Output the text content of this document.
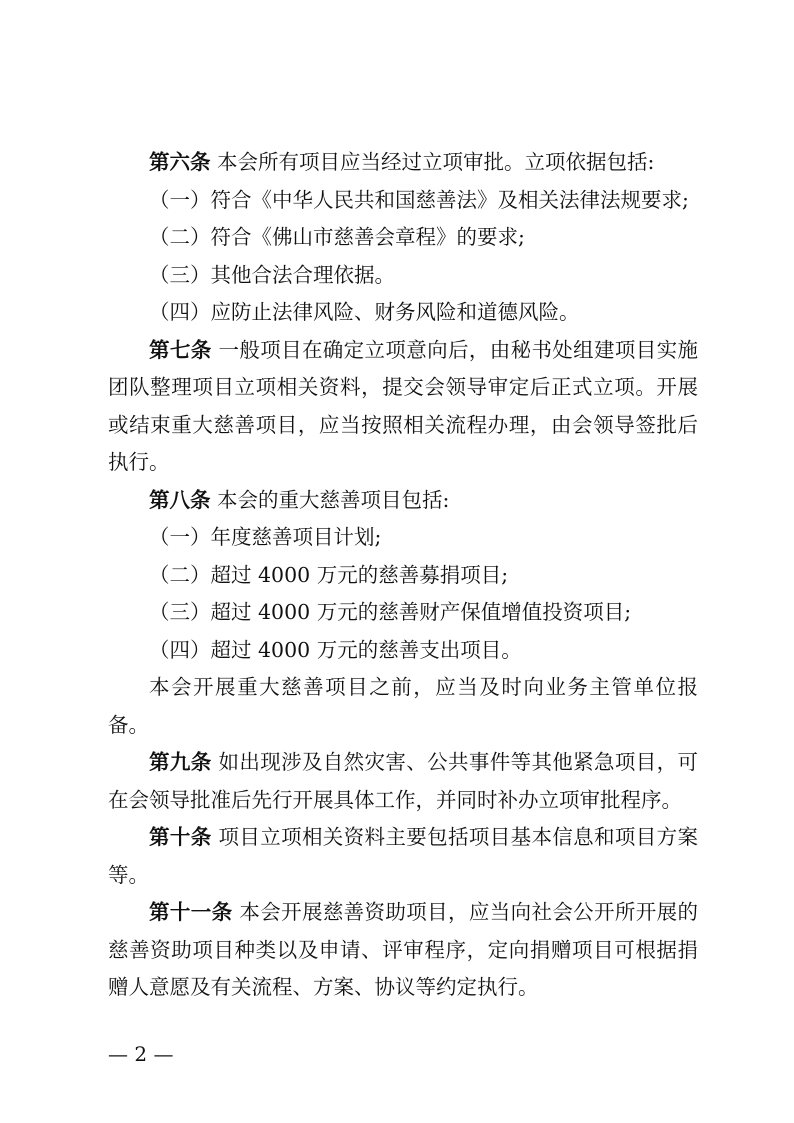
第六条 本会所有项目应当经过立项审批。立项依据包括:

（一）符合《中华人民共和国慈善法》及相关法律法规要求;

（二）符合《佛山市慈善会章程》的要求;

（三）其他合法合理依据。

（四）应防止法律风险、财务风险和道德风险。

第七条 一般项目在确定立项意向后，由秘书处组建项目实施团队整理项目立项相关资料，提交会领导审定后正式立项。开展或结束重大慈善项目，应当按照相关流程办理，由会领导签批后执行。

第八条 本会的重大慈善项目包括:

（一）年度慈善项目计划;

（二）超过 4000 万元的慈善募捐项目;

（三）超过 4000 万元的慈善财产保值增值投资项目;

（四）超过 4000 万元的慈善支出项目。

本会开展重大慈善项目之前，应当及时向业务主管单位报备。

第九条 如出现涉及自然灾害、公共事件等其他紧急项目，可在会领导批准后先行开展具体工作，并同时补办立项审批程序。

第十条 项目立项相关资料主要包括项目基本信息和项目方案等。

第十一条 本会开展慈善资助项目，应当向社会公开所开展的慈善资助项目种类以及申请、评审程序，定向捐赠项目可根据捐赠人意愿及有关流程、方案、协议等约定执行。

— 2 —
